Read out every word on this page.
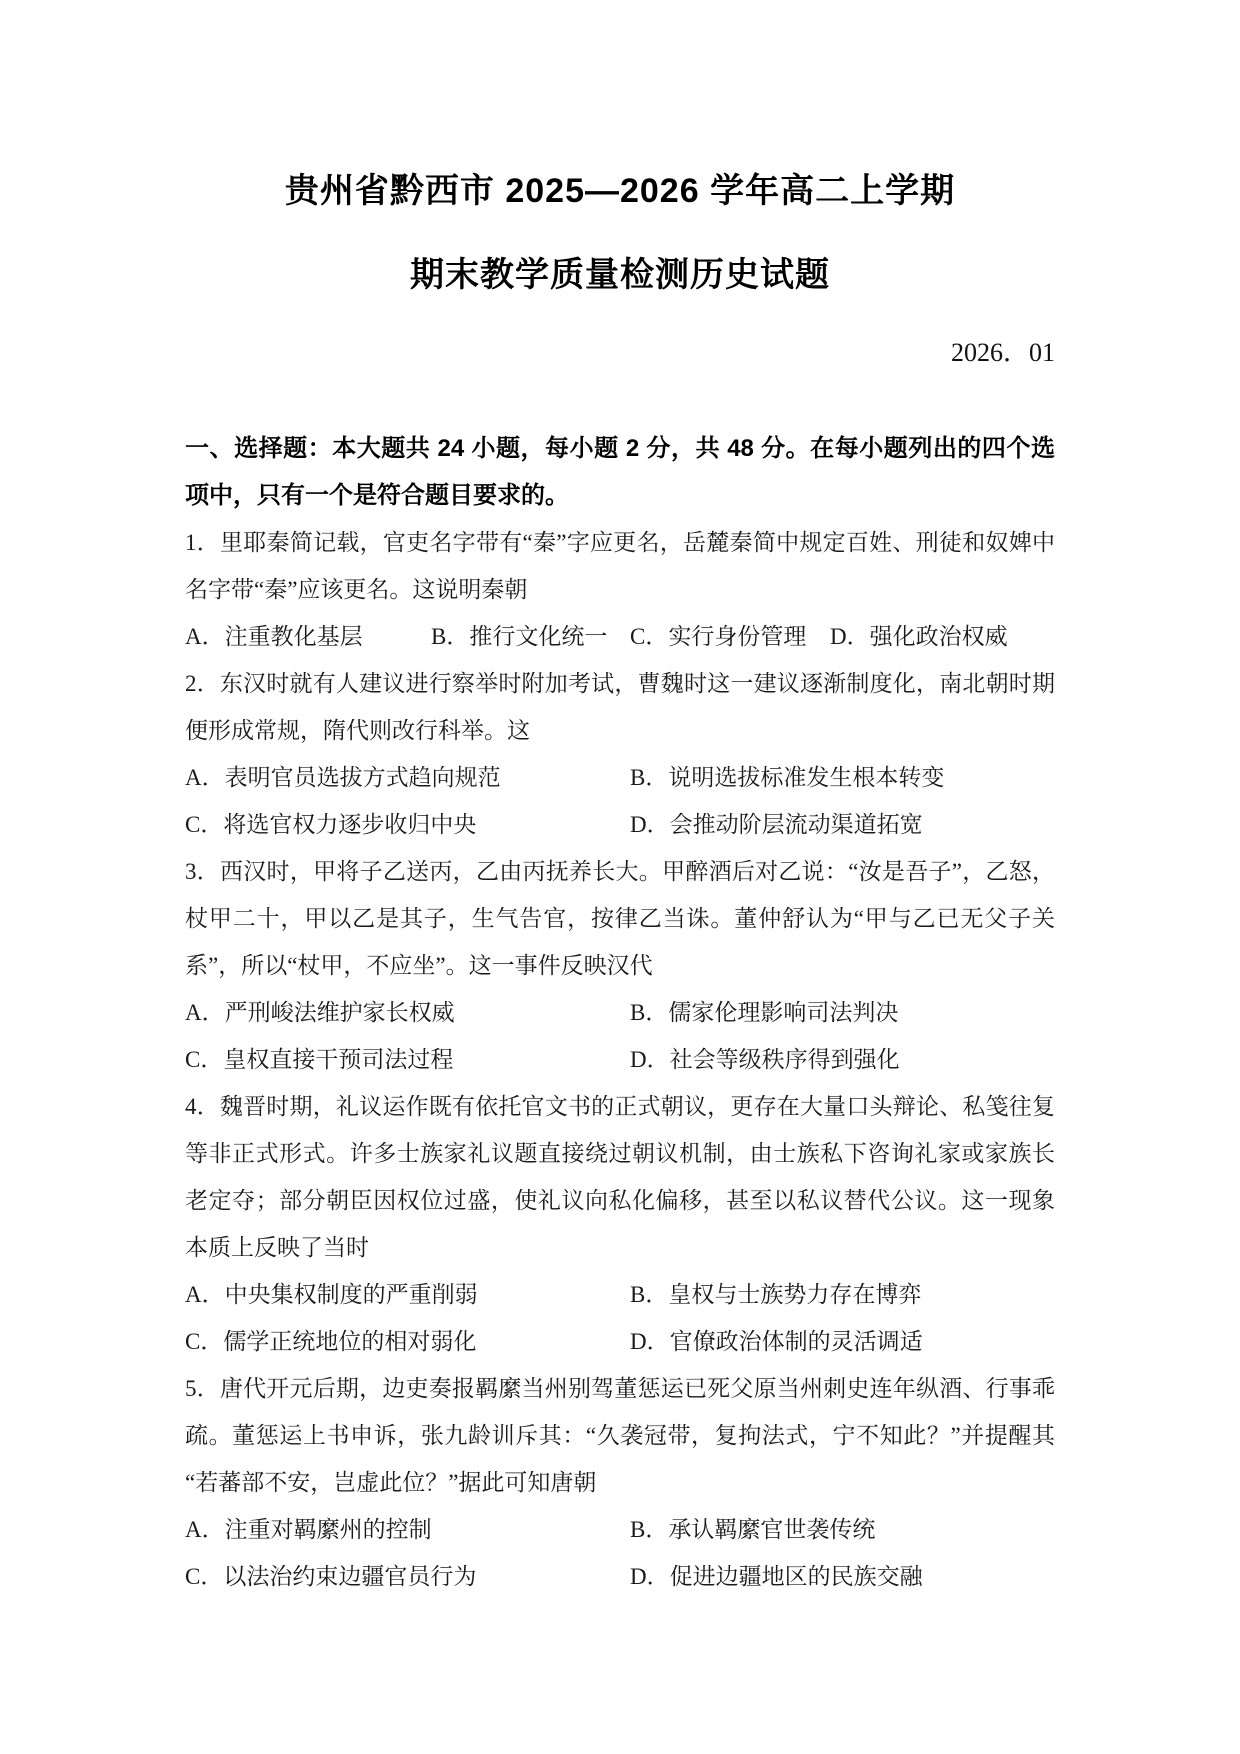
贵州省黔西市 2025—2026 学年高二上学期
期末教学质量检测历史试题

2026．01

一、选择题：本大题共 24 小题，每小题 2 分，共 48 分。在每小题列出的四个选项中，只有一个是符合题目要求的。

1．里耶秦简记载，官吏名字带有“秦”字应更名，岳麓秦简中规定百姓、刑徒和奴婢中名字带“秦”应该更名。这说明秦朝

A．注重教化基层	B．推行文化统一 C．实行身份管理	D．强化政治权威

2．东汉时就有人建议进行察举时附加考试，曹魏时这一建议逐渐制度化，南北朝时期便形成常规，隋代则改行科举。这

A．表明官员选拔方式趋向规范	B．说明选拔标准发生根本转变
C．将选官权力逐步收归中央	D．会推动阶层流动渠道拓宽

3．西汉时，甲将子乙送丙，乙由丙抚养长大。甲醉酒后对乙说：“汝是吾子”，乙怒，杖甲二十，甲以乙是其子，生气告官，按律乙当诛。董仲舒认为“甲与乙已无父子关系”，所以“杖甲，不应坐”。这一事件反映汉代

A．严刑峻法维护家长权威	B．儒家伦理影响司法判决
C．皇权直接干预司法过程	D．社会等级秩序得到强化

4．魏晋时期，礼议运作既有依托官文书的正式朝议，更存在大量口头辩论、私笺往复等非正式形式。许多士族家礼议题直接绕过朝议机制，由士族私下咨询礼家或家族长老定夺；部分朝臣因权位过盛，使礼议向私化偏移，甚至以私议替代公议。这一现象本质上反映了当时

A．中央集权制度的严重削弱	B．皇权与士族势力存在博弈
C．儒学正统地位的相对弱化	D．官僚政治体制的灵活调适

5．唐代开元后期，边吏奏报羁縻当州别驾董惩运已死父原当州刺史连年纵酒、行事乖疏。董惩运上书申诉，张九龄训斥其：“久袭冠带，复拘法式，宁不知此？”并提醒其“若蕃部不安，岂虚此位？”据此可知唐朝

A．注重对羁縻州的控制	B．承认羁縻官世袭传统
C．以法治约束边疆官员行为	D．促进边疆地区的民族交融
